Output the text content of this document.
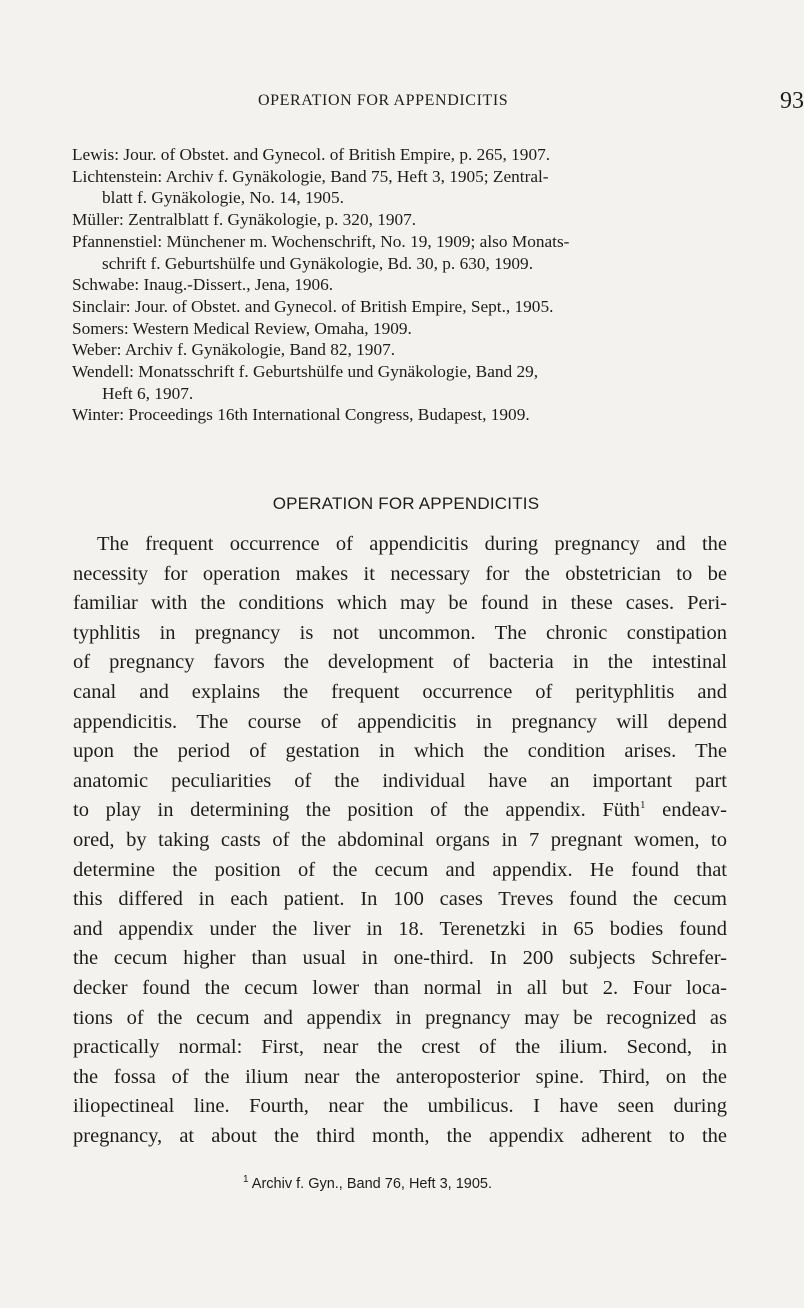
OPERATION FOR APPENDICITIS	93
Lewis: Jour. of Obstet. and Gynecol. of British Empire, p. 265, 1907.
Lichtenstein: Archiv f. Gynäkologie, Band 75, Heft 3, 1905; Zentral-
blatt f. Gynäkologie, No. 14, 1905.
Müller: Zentralblatt f. Gynäkologie, p. 320, 1907.
Pfannenstiel: Münchener m. Wochenschrift, No. 19, 1909; also Monats-
schrift f. Geburtshülfe und Gynäkologie, Bd. 30, p. 630, 1909.
Schwabe: Inaug.-Dissert., Jena, 1906.
Sinclair: Jour. of Obstet. and Gynecol. of British Empire, Sept., 1905.
Somers: Western Medical Review, Omaha, 1909.
Weber: Archiv f. Gynäkologie, Band 82, 1907.
Wendell: Monatsschrift f. Geburtshülfe und Gynäkologie, Band 29,
Heft 6, 1907.
Winter: Proceedings 16th International Congress, Budapest, 1909.
OPERATION FOR APPENDICITIS
The frequent occurrence of appendicitis during pregnancy and the
necessity for operation makes it necessary for the obstetrician to be
familiar with the conditions which may be found in these cases. Peri-
typhlitis in pregnancy is not uncommon. The chronic constipation
of pregnancy favors the development of bacteria in the intestinal
canal and explains the frequent occurrence of perityphlitis and
appendicitis. The course of appendicitis in pregnancy will depend
upon the period of gestation in which the condition arises. The
anatomic peculiarities of the individual have an important part
to play in determining the position of the appendix. Füth$^1$ endeav-
ored, by taking casts of the abdominal organs in 7 pregnant women, to
determine the position of the cecum and appendix. He found that
this differed in each patient. In 100 cases Treves found the cecum
and appendix under the liver in 18. Terenetzki in 65 bodies found
the cecum higher than usual in one-third. In 200 subjects Schrefer-
decker found the cecum lower than normal in all but 2. Four loca-
tions of the cecum and appendix in pregnancy may be recognized as
practically normal: First, near the crest of the ilium. Second, in
the fossa of the ilium near the anteroposterior spine. Third, on the
iliopectineal line. Fourth, near the umbilicus. I have seen during
pregnancy, at about the third month, the appendix adherent to the
$^1$ Archiv f. Gyn., Band 76, Heft 3, 1905.
